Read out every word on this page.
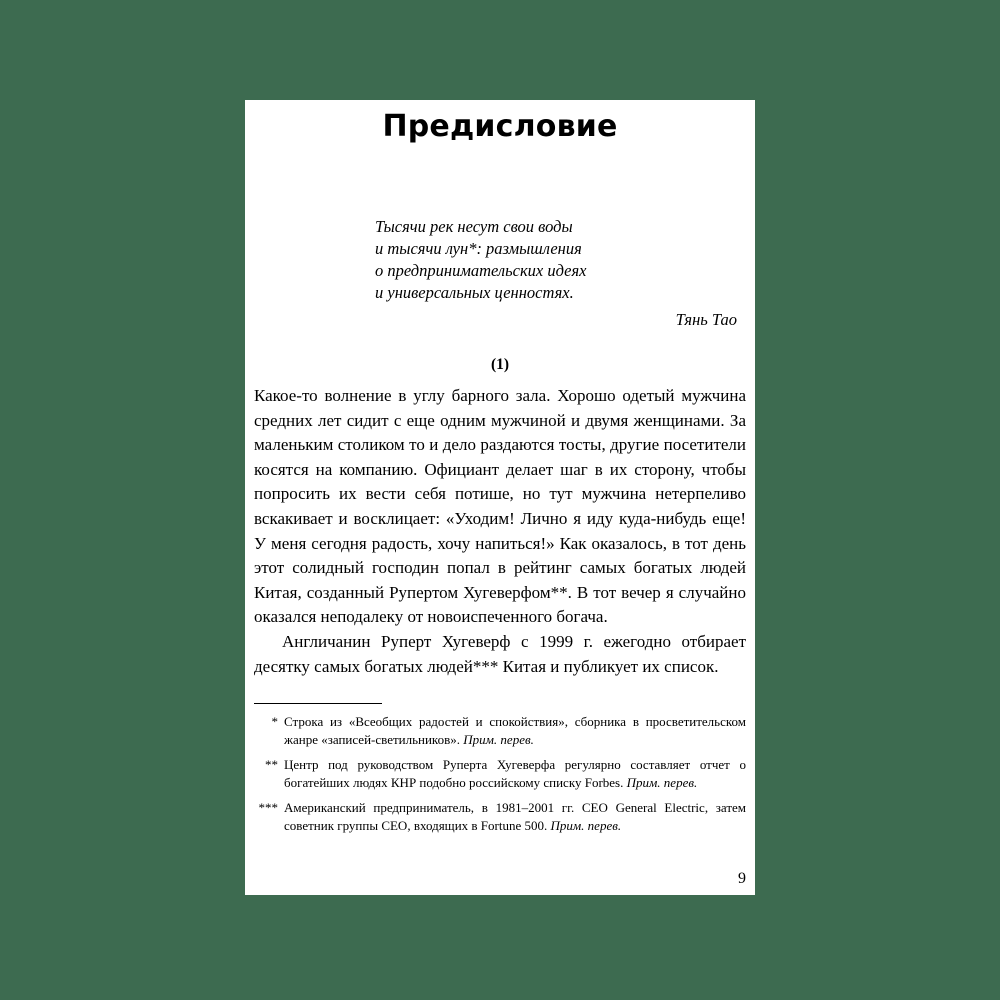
Предисловие
Тысячи рек несут свои воды
и тысячи лун*: размышления
о предпринимательских идеях
и универсальных ценностях.
Тянь Тао
(1)

Какое-то волнение в углу барного зала. Хорошо одетый мужчина средних лет сидит с еще одним мужчиной и двумя женщинами. За маленьким столиком то и дело раздаются тосты, другие посетители косятся на компанию. Официант делает шаг в их сторону, чтобы попросить их вести себя потише, но тут мужчина нетерпеливо вскакивает и восклицает: «Уходим! Лично я иду куда-нибудь еще! У меня сегодня радость, хочу напиться!» Как оказалось, в тот день этот солидный господин попал в рейтинг самых богатых людей Китая, созданный Рупертом Хугеверфом**. В тот вечер я случайно оказался неподалеку от новоиспеченного богача.

Англичанин Руперт Хугеверф с 1999 г. ежегодно отбирает десятку самых богатых людей*** Китая и публикует их список.

* Строка из «Всеобщих радостей и спокойствия», сборника в просветительском жанре «записей-светильников». Прим. перев.
** Центр под руководством Руперта Хугеверфа регулярно составляет отчет о богатейших людях КНР подобно российскому списку Forbes. Прим. перев.
*** Американский предприниматель, в 1981–2001 гг. CEO General Electric, затем советник группы CEO, входящих в Fortune 500. Прим. перев.
9
